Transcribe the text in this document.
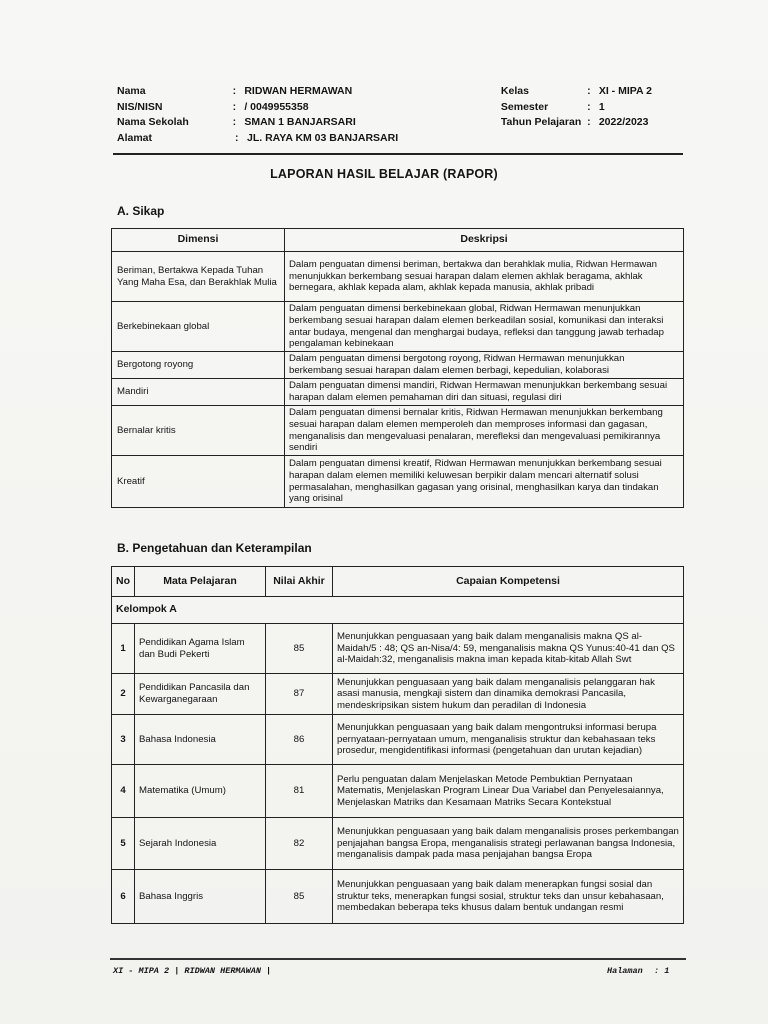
Nama	: RIDWAN HERMAWAN	Kelas	: XI - MIPA 2
NIS/NISN	: / 0049955358	Semester	: 1
Nama Sekolah	: SMAN 1 BANJARSARI	Tahun Pelajaran : 2022/2023
Alamat	: JL. RAYA KM 03 BANJARSARI
LAPORAN HASIL BELAJAR (RAPOR)
A. Sikap
Dimensi	Deskripsi
Beriman, Bertakwa Kepada Tuhan Yang Maha Esa, dan Berakhlak Mulia	Dalam penguatan dimensi beriman, bertakwa dan berahklak mulia, Ridwan Hermawan menunjukkan berkembang sesuai harapan dalam elemen akhlak beragama, akhlak bernegara, akhlak kepada alam, akhlak kepada manusia, akhlak pribadi
Berkebinekaan global	Dalam penguatan dimensi berkebinekaan global, Ridwan Hermawan menunjukkan berkembang sesuai harapan dalam elemen berkeadilan sosial, komunikasi dan interaksi antar budaya, mengenal dan menghargai budaya, refleksi dan tanggung jawab terhadap pengalaman kebinekaan
Bergotong royong	Dalam penguatan dimensi bergotong royong, Ridwan Hermawan menunjukkan berkembang sesuai harapan dalam elemen berbagi, kepedulian, kolaborasi
Mandiri	Dalam penguatan dimensi mandiri, Ridwan Hermawan menunjukkan berkembang sesuai harapan dalam elemen pemahaman diri dan situasi, regulasi diri
Bernalar kritis	Dalam penguatan dimensi bernalar kritis, Ridwan Hermawan menunjukkan berkembang sesuai harapan dalam elemen memperoleh dan memproses informasi dan gagasan, menganalisis dan mengevaluasi penalaran, merefleksi dan mengevaluasi pemikirannya sendiri
Kreatif	Dalam penguatan dimensi kreatif, Ridwan Hermawan menunjukkan berkembang sesuai harapan dalam elemen memiliki keluwesan berpikir dalam mencari alternatif solusi permasalahan, menghasilkan gagasan yang orisinal, menghasilkan karya dan tindakan yang orisinal
B. Pengetahuan dan Keterampilan
No	Mata Pelajaran	Nilai Akhir	Capaian Kompetensi
Kelompok A			
1	Pendidikan Agama Islam dan Budi Pekerti	85	Menunjukkan penguasaan yang baik dalam menganalisis makna QS al-Maidah/5 : 48; QS an-Nisa/4: 59, menganalisis makna QS Yunus:40-41 dan QS al-Maidah:32, menganalisis makna iman kepada kitab-kitab Allah Swt
2	Pendidikan Pancasila dan Kewarganegaraan	87	Menunjukkan penguasaan yang baik dalam menganalisis pelanggaran hak asasi manusia, mengkaji sistem dan dinamika demokrasi Pancasila, mendeskripsikan sistem hukum dan peradilan di Indonesia
3	Bahasa Indonesia	86	Menunjukkan penguasaan yang baik dalam mengontruksi informasi berupa pernyataan-pernyataan umum, menganalisis struktur dan kebahasaan teks prosedur, mengidentifikasi informasi (pengetahuan dan urutan kejadian)
4	Matematika (Umum)	81	Perlu penguatan dalam Menjelaskan Metode Pembuktian Pernyataan Matematis, Menjelaskan Program Linear Dua Variabel dan Penyelesaiannya, Menjelaskan Matriks dan Kesamaan Matriks Secara Kontekstual
5	Sejarah Indonesia	82	Menunjukkan penguasaan yang baik dalam menganalisis proses perkembangan penjajahan bangsa Eropa, menganalisis strategi perlawanan bangsa Indonesia, menganalisis dampak pada masa penjajahan bangsa Eropa
6	Bahasa Inggris	85	Menunjukkan penguasaan yang baik dalam menerapkan fungsi sosial dan struktur teks, menerapkan fungsi sosial, struktur teks dan unsur kebahasaan, membedakan beberapa teks khusus dalam bentuk undangan resmi
XI - MIPA 2 | RIDWAN HERMAWAN |	Halaman : 1
